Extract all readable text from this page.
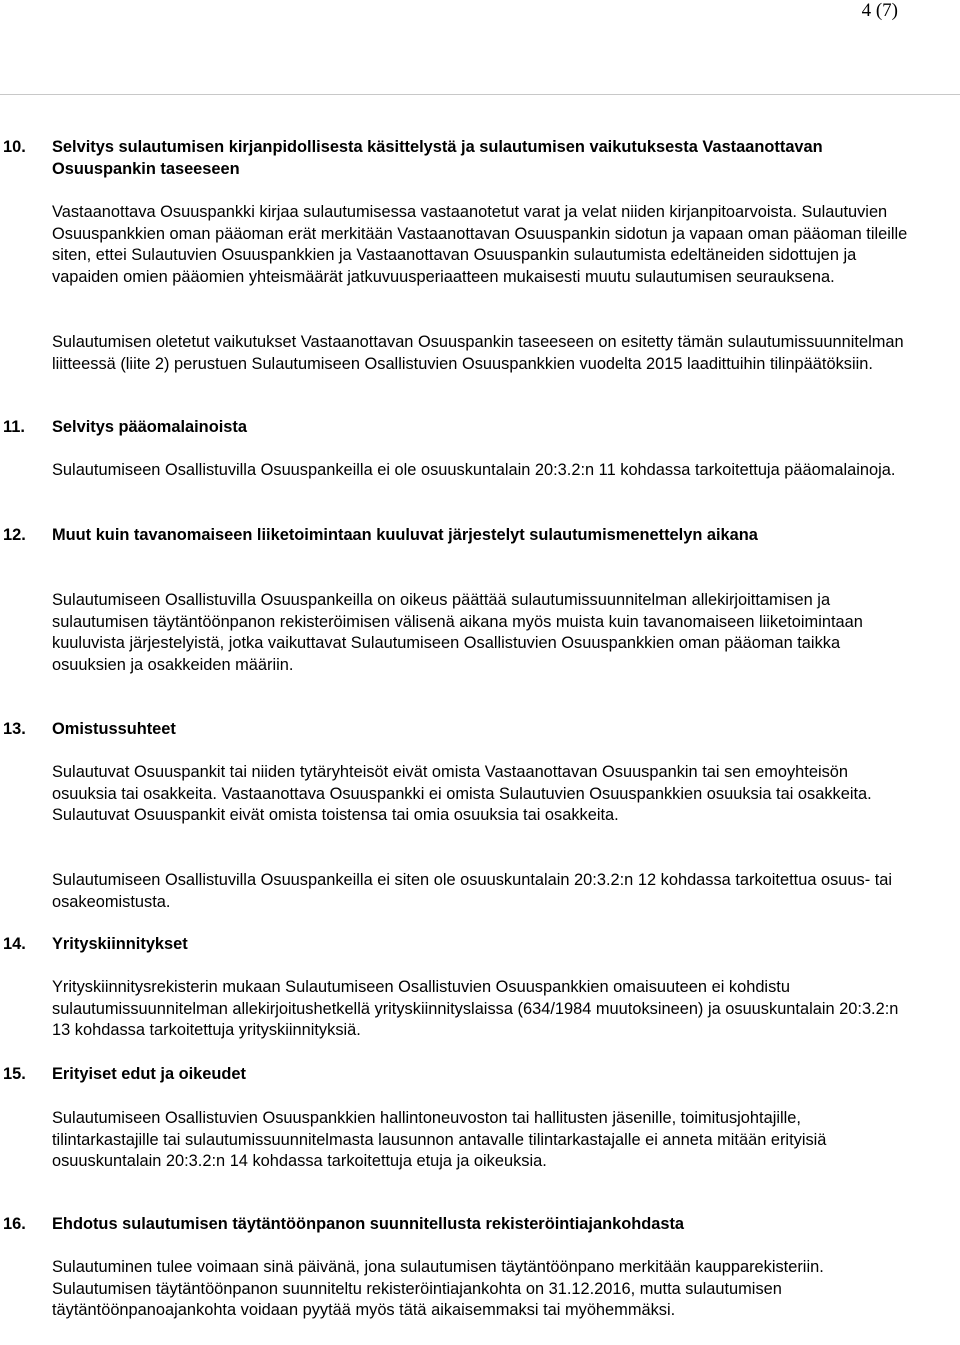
4 (7)
10. Selvitys sulautumisen kirjanpidollisesta käsittelystä ja sulautumisen vaikutuksesta Vastaanottavan Osuuspankin taseeseen

Vastaanottava Osuuspankki kirjaa sulautumisessa vastaanotetut varat ja velat niiden kirjanpitoarvoista. Sulautuvien Osuuspankkien oman pääoman erät merkitään Vastaanottavan Osuuspankin sidotun ja vapaan oman pääoman tileille siten, ettei Sulautuvien Osuuspankkien ja Vastaanottavan Osuuspankin sulautumista edeltäneiden sidottujen ja vapaiden omien pääomien yhteismäärät jatkuvuusperiaatteen mukaisesti muutu sulautumisen seurauksena.

Sulautumisen oletetut vaikutukset Vastaanottavan Osuuspankin taseeseen on esitetty tämän sulautumissuunnitelman liitteessä (liite 2) perustuen Sulautumiseen Osallistuvien Osuuspankkien vuodelta 2015 laadittuihin tilinpäätöksiin.

11. Selvitys pääomalainoista

Sulautumiseen Osallistuvilla Osuuspankeilla ei ole osuuskuntalain 20:3.2:n 11 kohdassa tarkoitettuja pääomalainoja.

12. Muut kuin tavanomaiseen liiketoimintaan kuuluvat järjestelyt sulautumismenettelyn aikana

Sulautumiseen Osallistuvilla Osuuspankeilla on oikeus päättää sulautumissuunnitelman allekirjoittamisen ja sulautumisen täytäntöönpanon rekisteröimisen välisenä aikana myös muista kuin tavanomaiseen liiketoimintaan kuuluvista järjestelyistä, jotka vaikuttavat Sulautumiseen Osallistuvien Osuuspankkien oman pääoman taikka osuuksien ja osakkeiden määriin.

13. Omistussuhteet

Sulautuvat Osuuspankit tai niiden tytäryhteisöt eivät omista Vastaanottavan Osuuspankin tai sen emoyhteisön osuuksia tai osakkeita. Vastaanottava Osuuspankki ei omista Sulautuvien Osuuspankkien osuuksia tai osakkeita. Sulautuvat Osuuspankit eivät omista toistensa tai omia osuuksia tai osakkeita.

Sulautumiseen Osallistuvilla Osuuspankeilla ei siten ole osuuskuntalain 20:3.2:n 12 kohdassa tarkoitettua osuus- tai osakeomistusta.

14. Yrityskiinnitykset

Yrityskiinnitysrekisterin mukaan Sulautumiseen Osallistuvien Osuuspankkien omaisuuteen ei kohdistu sulautumissuunnitelman allekirjoitushetkellä yrityskiinnityslaissa (634/1984 muutoksineen) ja osuuskuntalain 20:3.2:n 13 kohdassa tarkoitettuja yrityskiinnityksiä.

15. Erityiset edut ja oikeudet

Sulautumiseen Osallistuvien Osuuspankkien hallintoneuvoston tai hallitusten jäsenille, toimitusjohtajille, tilintarkastajille tai sulautumissuunnitelmasta lausunnon antavalle tilintarkastajalle ei anneta mitään erityisiä osuuskuntalain 20:3.2:n 14 kohdassa tarkoitettuja etuja ja oikeuksia.

16. Ehdotus sulautumisen täytäntöönpanon suunnitellusta rekisteröintiajankohdasta

Sulautuminen tulee voimaan sinä päivänä, jona sulautumisen täytäntöönpano merkitään kaupparekisteriin. Sulautumisen täytäntöönpanon suunniteltu rekisteröintiajankohta on 31.12.2016, mutta sulautumisen täytäntöönpanoajankohta voidaan pyytää myös tätä aikaisemmaksi tai myöhemmäksi.
